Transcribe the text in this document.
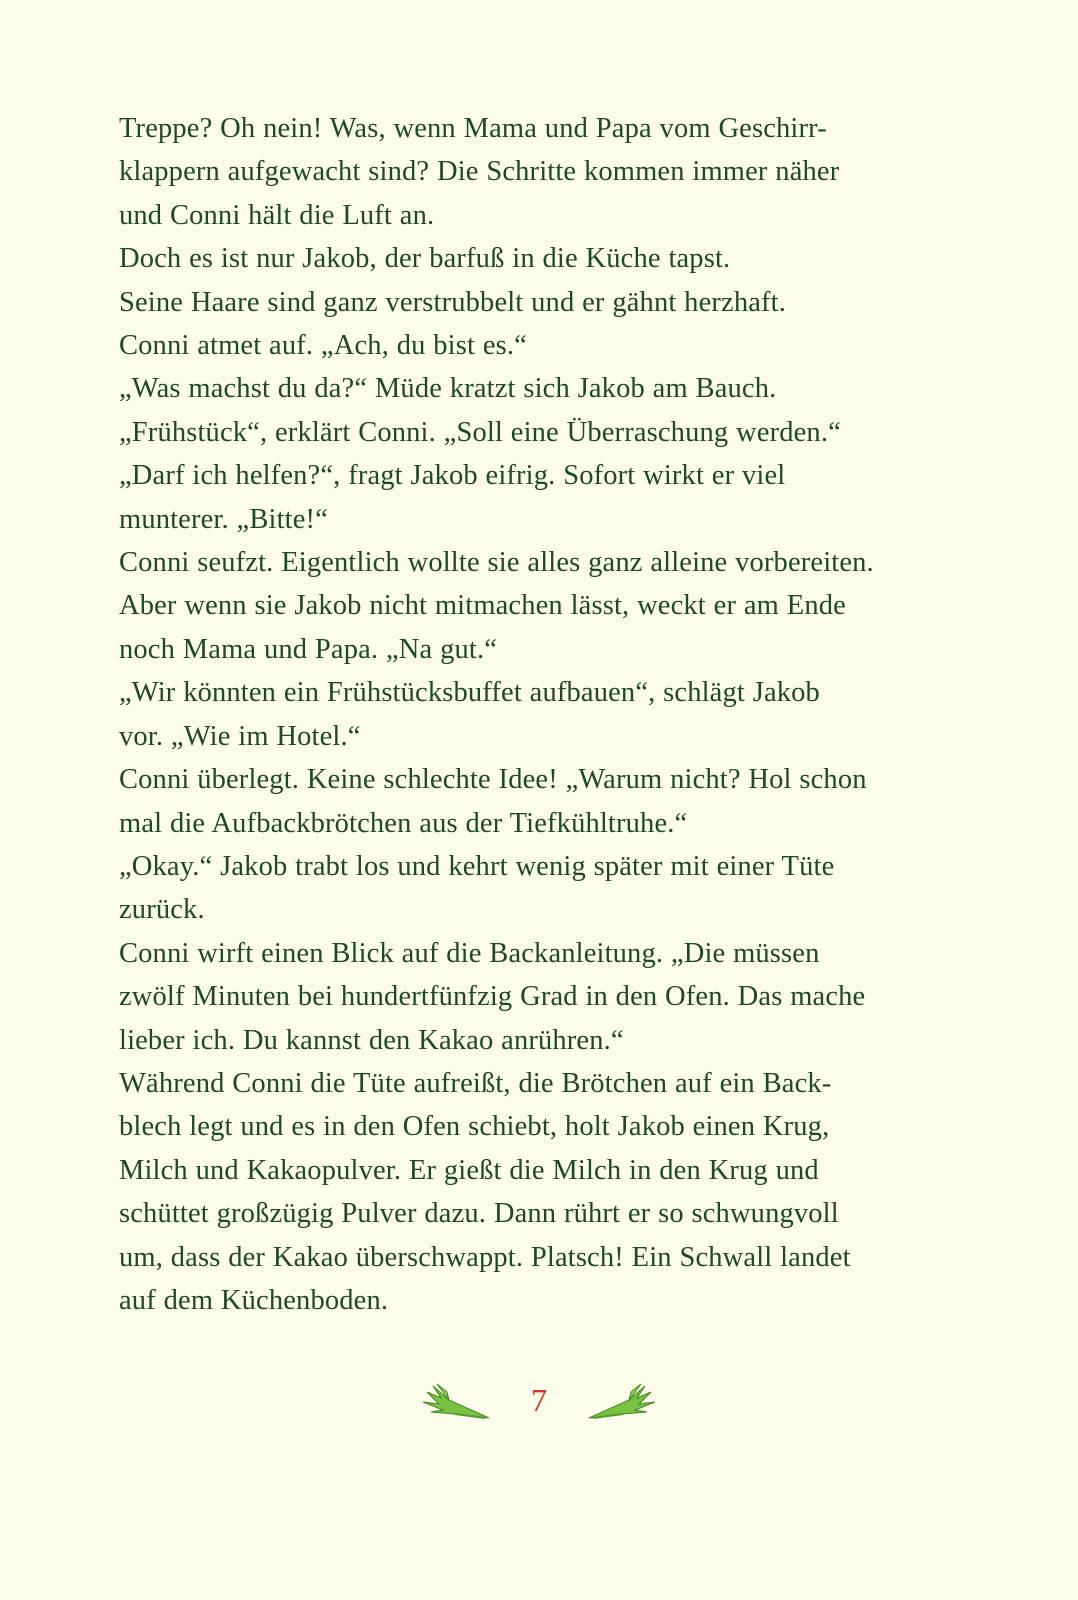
Treppe? Oh nein! Was, wenn Mama und Papa vom Geschirr-
klappern aufgewacht sind? Die Schritte kommen immer näher
und Conni hält die Luft an.
Doch es ist nur Jakob, der barfuß in die Küche tapst.
Seine Haare sind ganz verstrubbelt und er gähnt herzhaft.
Conni atmet auf. „Ach, du bist es.“
„Was machst du da?“ Müde kratzt sich Jakob am Bauch.
„Frühstück“, erklärt Conni. „Soll eine Überraschung werden.“
„Darf ich helfen?“, fragt Jakob eifrig. Sofort wirkt er viel
munterer. „Bitte!“
Conni seufzt. Eigentlich wollte sie alles ganz alleine vorbereiten.
Aber wenn sie Jakob nicht mitmachen lässt, weckt er am Ende
noch Mama und Papa. „Na gut.“
„Wir könnten ein Frühstücksbuffet aufbauen“, schlägt Jakob
vor. „Wie im Hotel.“
Conni überlegt. Keine schlechte Idee! „Warum nicht? Hol schon
mal die Aufbackbrötchen aus der Tiefkühltruhe.“
„Okay.“ Jakob trabt los und kehrt wenig später mit einer Tüte
zurück.
Conni wirft einen Blick auf die Backanleitung. „Die müssen
zwölf Minuten bei hundertfünfzig Grad in den Ofen. Das mache
lieber ich. Du kannst den Kakao anrühren.“
Während Conni die Tüte aufreißt, die Brötchen auf ein Back-
blech legt und es in den Ofen schiebt, holt Jakob einen Krug,
Milch und Kakaopulver. Er gießt die Milch in den Krug und
schüttet großzügig Pulver dazu. Dann rührt er so schwungvoll
um, dass der Kakao überschwappt. Platsch! Ein Schwall landet
auf dem Küchenboden.
7
